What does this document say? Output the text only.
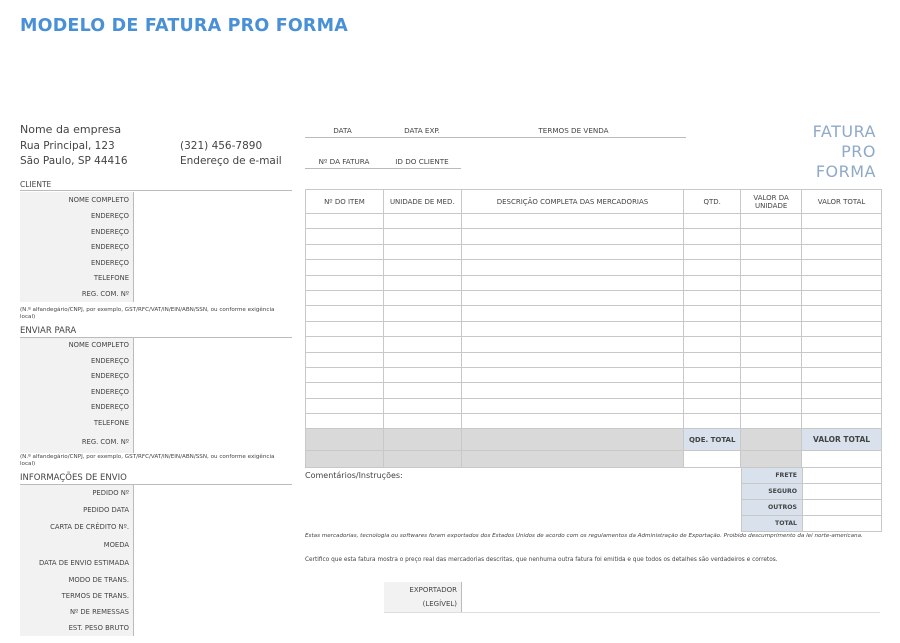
MODELO DE FATURA PRO FORMA
Nome da empresa
Rua Principal, 123
São Paulo, SP 44416
(321) 456-7890
Endereço de e-mail
DATA	DATA EXP.	TERMOS DE VENDA
Nº DA FATURA	ID DO CLIENTE
FATURA
PRO
FORMA
CLIENTE
NOME COMPLETO
ENDEREÇO
ENDEREÇO
ENDEREÇO
ENDEREÇO
TELEFONE
REG. COM. Nº
(N.º alfandegário/CNPJ, por exemplo, GST/RFC/VAT/IN/EIN/ABN/SSN, ou conforme exigência local)
ENVIAR PARA
NOME COMPLETO
ENDEREÇO
ENDEREÇO
ENDEREÇO
ENDEREÇO
TELEFONE
REG. COM. Nº
(N.º alfandegário/CNPJ, por exemplo, GST/RFC/VAT/IN/EIN/ABN/SSN, ou conforme exigência local)
INFORMAÇÕES DE ENVIO
PEDIDO Nº
PEDIDO DATA
CARTA DE CRÉDITO Nº.
MOEDA
DATA DE ENVIO ESTIMADA
MODO DE TRANS.
TERMOS DE TRANS.
Nº DE REMESSAS
EST. PESO BRUTO
Nº DO ITEM	UNIDADE DE MED.	DESCRIÇÃO COMPLETA DAS MERCADORIAS	QTD.	VALOR DA UNIDADE	VALOR TOTAL

			QDE. TOTAL		VALOR TOTAL

Comentários/Instruções:	FRETE	
SEGURO	
OUTROS	
TOTAL	
Estas mercadorias, tecnologia ou softwares foram exportados dos Estados Unidos de acordo com os regulamentos da Administração de Exportação. Proibido descumprimento da lei norte-americana.
Certifico que esta fatura mostra o preço real das mercadorias descritas, que nenhuma outra fatura foi emitida e que todos os detalhes são verdadeiros e corretos.
EXPORTADOR
(LEGÍVEL)
